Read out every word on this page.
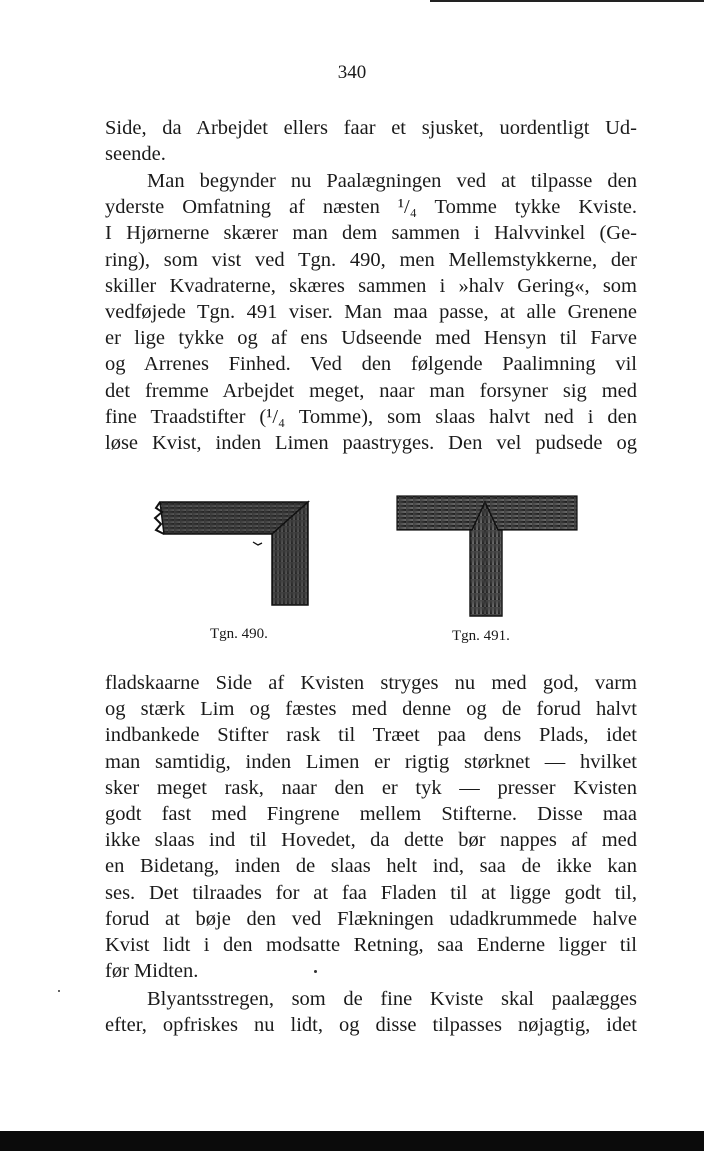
340
Side, da Arbejdet ellers faar et sjusket, uordentligt Ud-
seende.
Man begynder nu Paalægningen ved at tilpasse den
yderste Omfatning af næsten ¹/₄ Tomme tykke Kviste.
I Hjørnerne skærer man dem sammen i Halvvinkel (Ge-
ring), som vist ved Tgn. 490, men Mellemstykkerne, der
skiller Kvadraterne, skæres sammen i »halv Gering«, som
vedføjede Tgn. 491 viser. Man maa passe, at alle Grenene
er lige tykke og af ens Udseende med Hensyn til Farve
og Arrenes Finhed. Ved den følgende Paalimning vil
det fremme Arbejdet meget, naar man forsyner sig med
fine Traadstifter (¹/₄ Tomme), som slaas halvt ned i den
løse Kvist, inden Limen paastryges. Den vel pudsede og
Tgn. 490.	Tgn. 491.
fladskaarne Side af Kvisten stryges nu med god, varm
og stærk Lim og fæstes med denne og de forud halvt
indbankede Stifter rask til Træet paa dens Plads, idet
man samtidig, inden Limen er rigtig størknet — hvilket
sker meget rask, naar den er tyk — presser Kvisten
godt fast med Fingrene mellem Stifterne. Disse maa
ikke slaas ind til Hovedet, da dette bør nappes af med
en Bidetang, inden de slaas helt ind, saa de ikke kan
ses. Det tilraades for at faa Fladen til at ligge godt til,
forud at bøje den ved Flækningen udadkrummede halve
Kvist lidt i den modsatte Retning, saa Enderne ligger til
før Midten.
Blyantsstregen, som de fine Kviste skal paalægges
efter, opfriskes nu lidt, og disse tilpasses nøjagtig, idet
